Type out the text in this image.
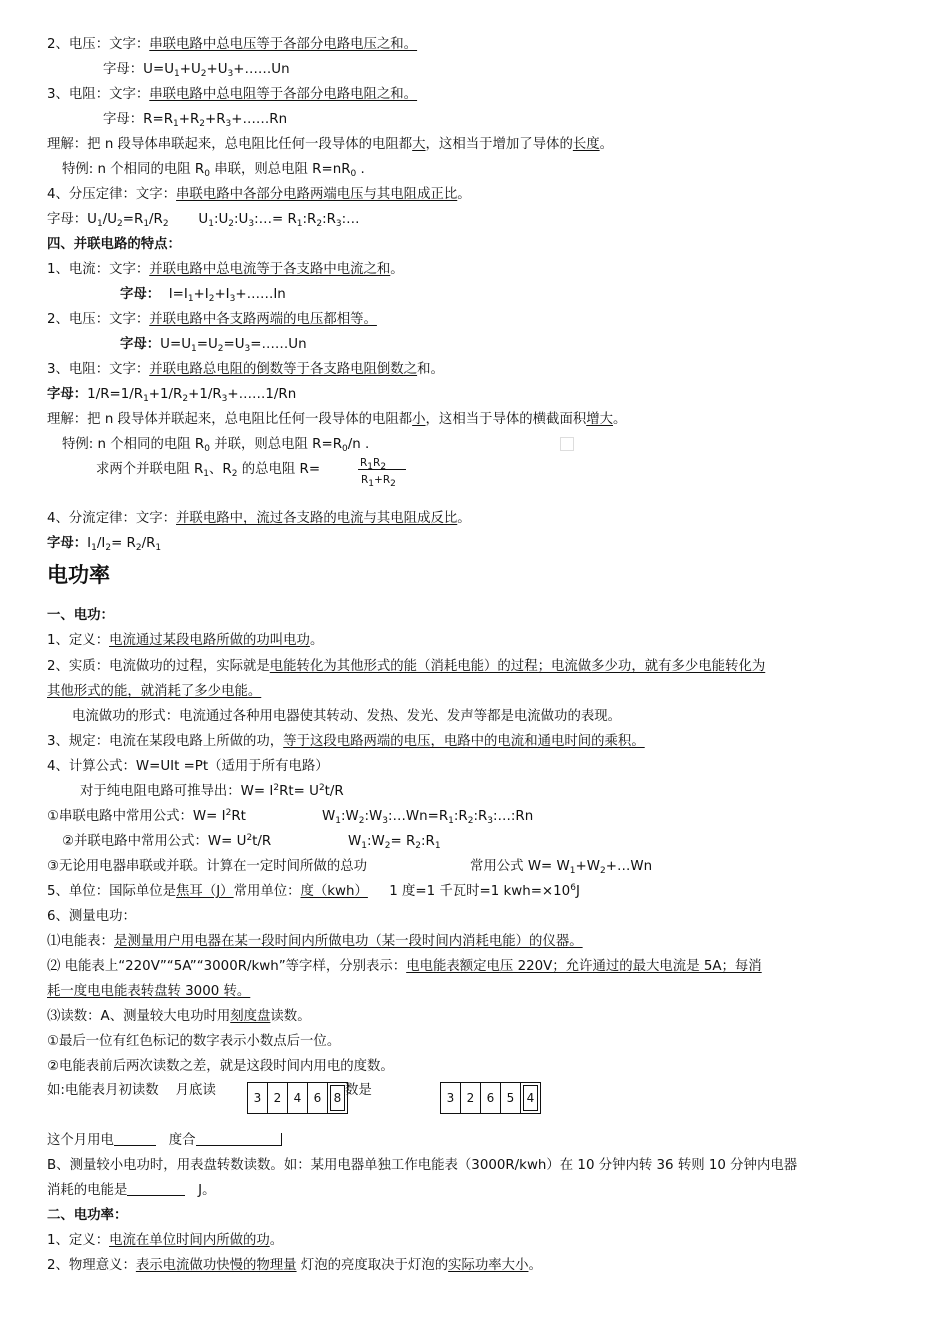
2、电压：文字：串联电路中总电压等于各部分电路电压之和。
字母：$U=U_1+U_2+U_3+\dots\dots Un$
3、电阻：文字：串联电路中总电阻等于各部分电路电阻之和。
字母：$R=R_1+R_2+R_3+\dots\dots Rn$
理解：把 n 段导体串联起来，总电阻比任何一段导体的电阻都大，这相当于增加了导体的长度。
特例: n 个相同的电阻 $R_0$ 串联，则总电阻 $R=nR_0$ .
4、分压定律：文字：串联电路中各部分电路两端电压与其电阻成正比。
字母：$U_1/U_2=R_1/R_2$       $U_1:U_2:U_3:\dots=$ $R_1:R_2:R_3:\dots$
四、并联电路的特点：
1、电流：文字：并联电路中总电流等于各支路中电流之和。
字母： $I=I_1+I_2+I_3+\dots\dots In$
2、电压：文字：并联电路中各支路两端的电压都相等。
字母：$U=U_1=U_2=U_3=\dots\dots Un$
3、电阻：文字：并联电路总电阻的倒数等于各支路电阻倒数之和。
字母：$1/R=1/R_1+1/R_2+1/R_3+\dots\dots 1/Rn$
理解：把 n 段导体并联起来，总电阻比任何一段导体的电阻都小，这相当于导体的横截面积增大。
特例: n 个相同的电阻 $R_0$ 并联，则总电阻 $R=R_0/n$ .
求两个并联电阻 $R_1$、$R_2$ 的总电阻 R=	$R_1R_2$
$R_1+R_2$
4、分流定律：文字：并联电路中，流过各支路的电流与其电阻成反比。
字母：$I_1/I_2= R_2/R_1$
电功率
一、电功：
1、定义：电流通过某段电路所做的功叫电功。
2、实质：电流做功的过程，实际就是电能转化为其他形式的能（消耗电能）的过程；电流做多少功，就有多少电能转化为
其他形式的能，就消耗了多少电能。
电流做功的形式：电流通过各种用电器使其转动、发热、发光、发声等都是电流做功的表现。
3、规定：电流在某段电路上所做的功，等于这段电路两端的电压，电路中的电流和通电时间的乘积。
4、计算公式：W=UIt =Pt（适用于所有电路）
对于纯电阻电路可推导出：$W= I^2Rt= U^2t/R$
①串联电路中常用公式：$W= I^2Rt$	$W_1:W_2:W_3:\dots Wn=R_1:R_2:R_3:\dots:Rn$
②并联电路中常用公式：$W= U^2t/R$	$W_1:W_2=$ $R_2:R_1$
③无论用电器串联或并联。计算在一定时间所做的总功	常用公式 $W= W_1+W_2+\dots Wn$
5、单位：国际单位是焦耳（J）常用单位：度（kwh） 1 度=1 千瓦时=1 $kwh=\times 10^6J$
6、测量电功：
⑴电能表：是测量用户用电器在某一段时间内所做电功（某一段时间内消耗电能）的仪器。
⑵ 电能表上“220V”“5A”“3000R/kwh”等字样，分别表示：电电能表额定电压 220V；允许通过的最大电流是 5A；每消
耗一度电电能表转盘转 3000 转。
⑶读数：A、测量较大电功时用刻度盘读数。
①最后一位有红色标记的数字表示小数点后一位。
②电能表前后两次读数之差，就是这段时间内用电的度数。
如:电能表月初读数 月底读	3	2	4	6	8 数是	3	2	6	5	4
这个月用电	度合
B、测量较小电功时，用表盘转数读数。如：某用电器单独工作电能表（3000R/kwh）在 10 分钟内转 36 转则 10 分钟内电器
消耗的电能是	J。
二、电功率：
1、定义：电流在单位时间内所做的功。
2、物理意义：表示电流做功快慢的物理量 灯泡的亮度取决于灯泡的实际功率大小。
